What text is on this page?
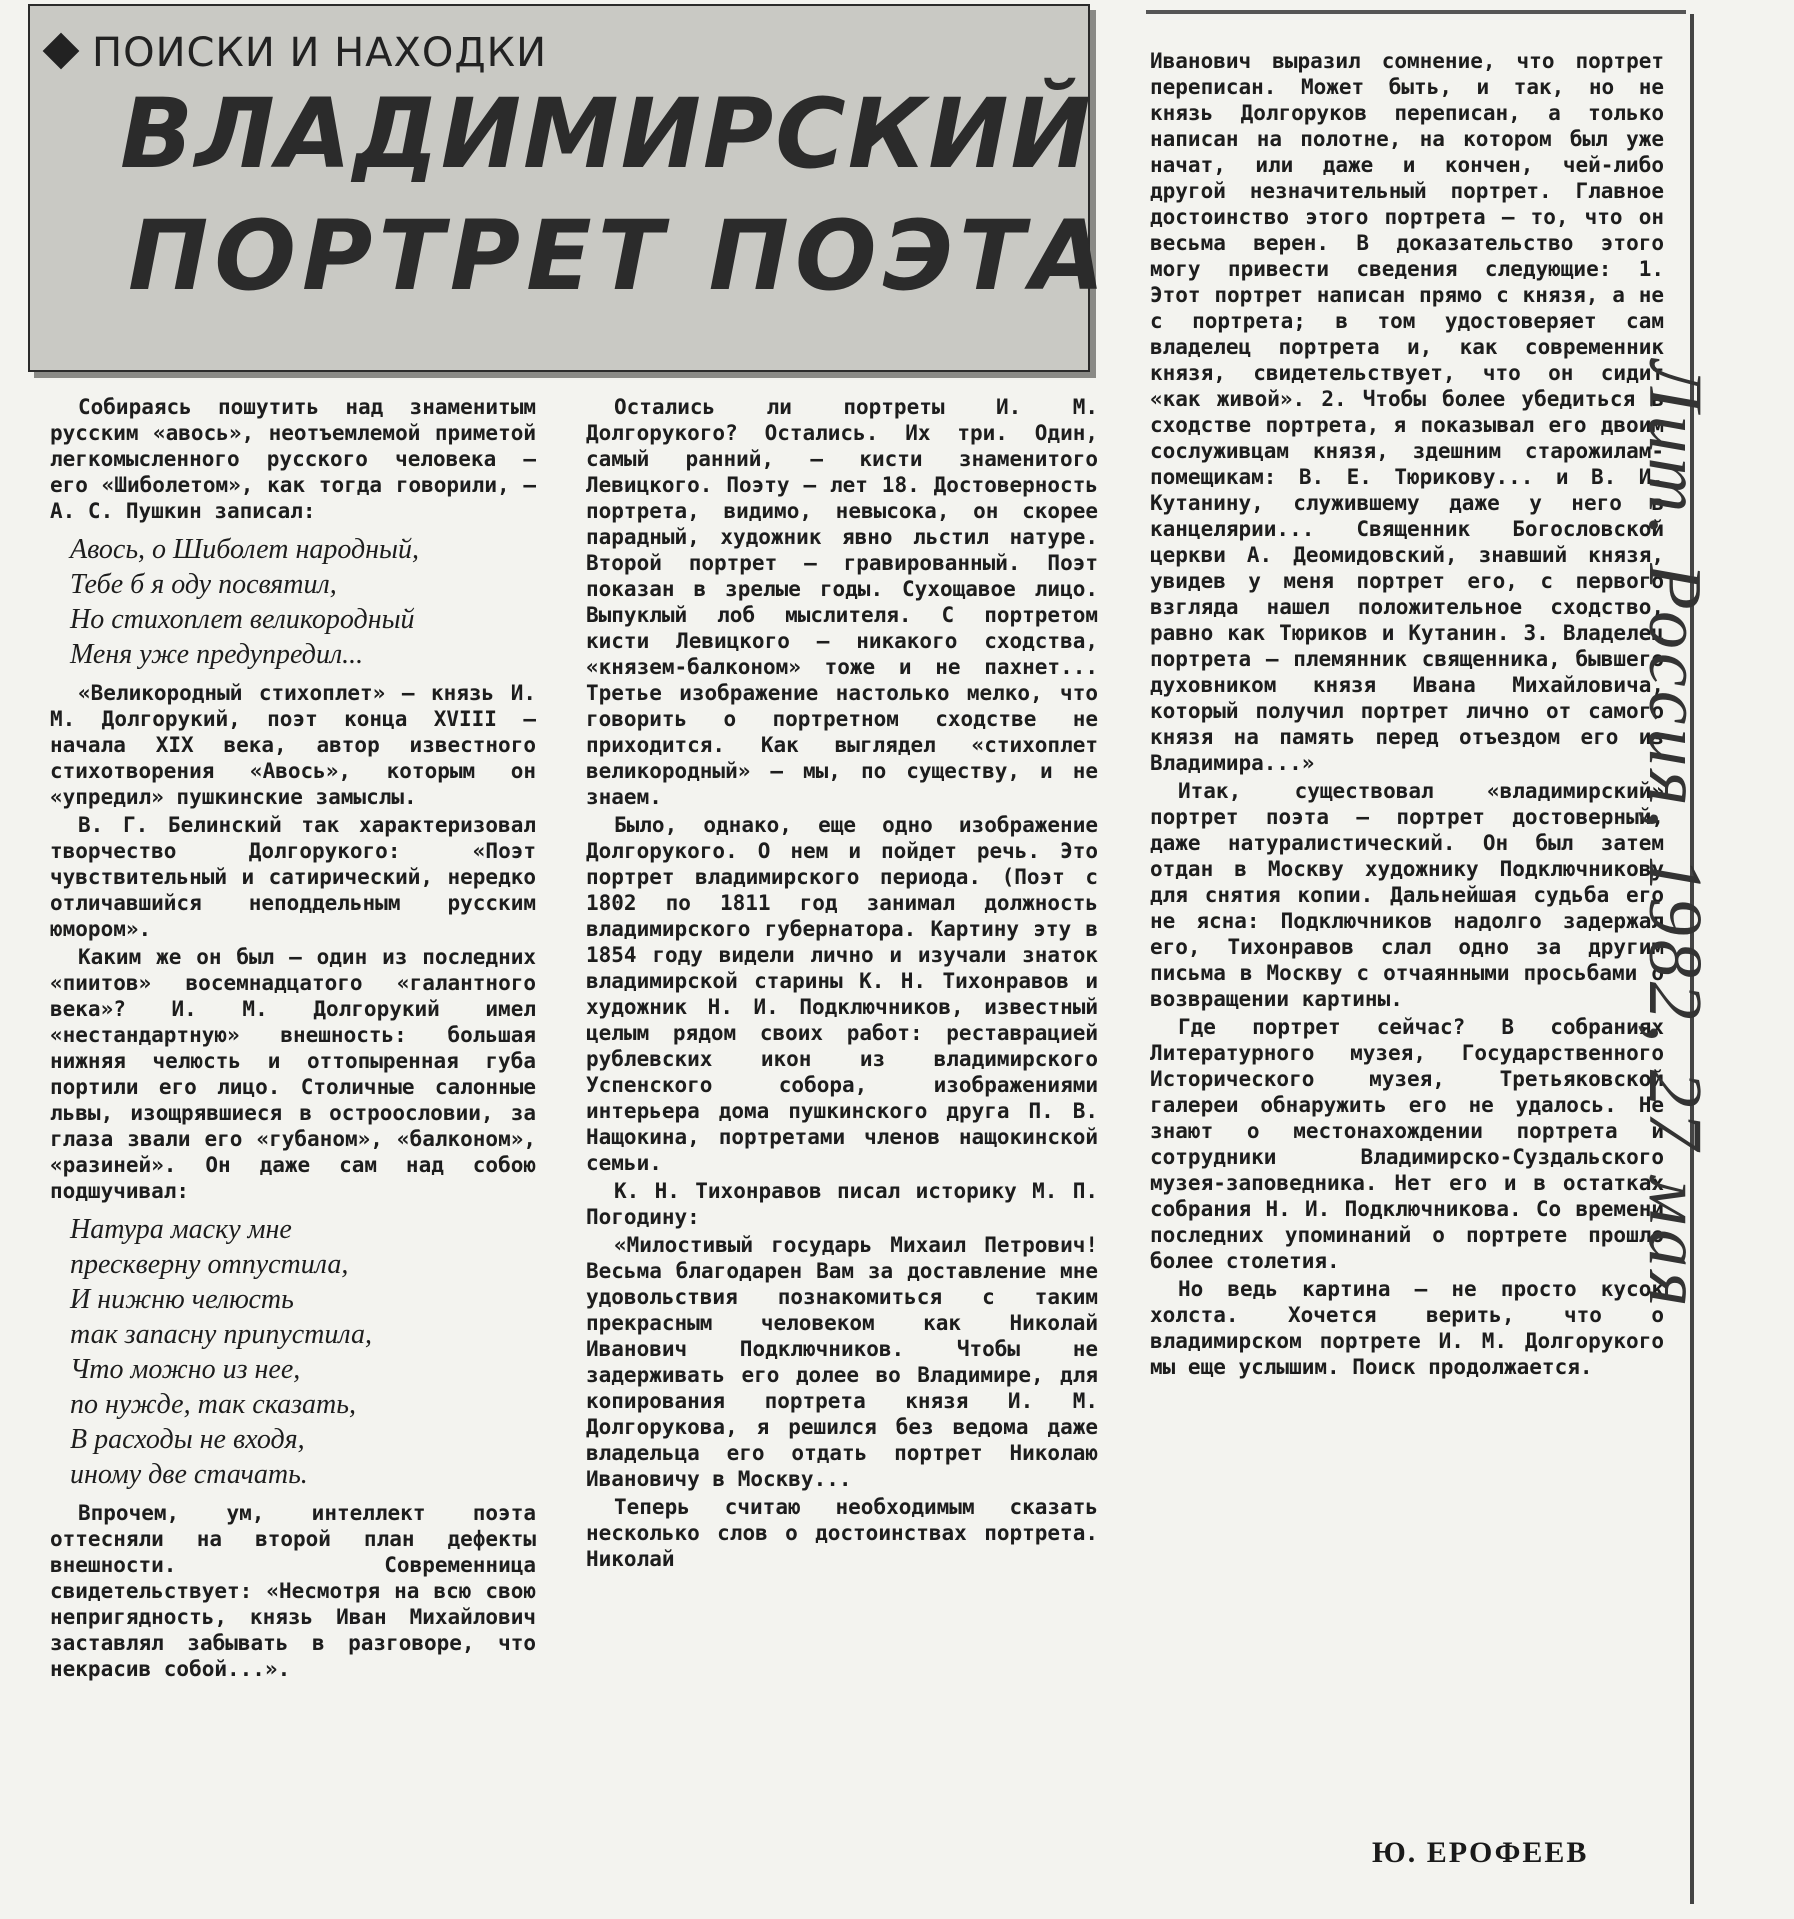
ПОИСКИ И НАХОДКИ
ВЛАДИМИРСКИЙ
ПОРТРЕТ ПОЭТА

Собираясь пошутить над знаменитым русским «авось», неотъемлемой приметой легкомысленного русского человека — его «Шиболетом», как тогда говорили, — А. С. Пушкин записал:

Авось, о Шиболет народный,
Тебе б я оду посвятил,
Но стихоплет великородный
Меня уже предупредил...

«Великородный стихоплет» — князь И. М. Долгорукий, поэт конца XVIII — начала XIX века, автор известного стихотворения «Авось», которым он «упредил» пушкинские замыслы.

В. Г. Белинский так характеризовал творчество Долгорукого: «Поэт чувствительный и сатирический, нередко отличавшийся неподдельным русским юмором».

Каким же он был — один из последних «пиитов» восемнадцатого «галантного века»? И. М. Долгорукий имел «нестандартную» внешность: большая нижняя челюсть и оттопыренная губа портили его лицо. Столичные салонные львы, изощрявшиеся в остроословии, за глаза звали его «губаном», «балконом», «разиней». Он даже сам над собою подшучивал:

Натура маску мне
прескверну отпустила,
И нижню челюсть
так запасну припустила,
Что можно из нее,
по нужде, так сказать,
В расходы не входя,
иному две стачать.

Впрочем, ум, интеллект поэта оттесняли на второй план дефекты внешности. Современница свидетельствует: «Несмотря на всю свою непригядность, князь Иван Михайлович заставлял забывать в разговоре, что некрасив собой...».

Остались ли портреты И. М. Долгорукого? Остались. Их три. Один, самый ранний, — кисти знаменитого Левицкого. Поэту — лет 18. Достоверность портрета, видимо, невысока, он скорее парадный, художник явно льстил натуре. Второй портрет — гравированный. Поэт показан в зрелые годы. Сухощавое лицо. Выпуклый лоб мыслителя. С портретом кисти Левицкого — никакого сходства, «князем-балконом» тоже и не пахнет... Третье изображение настолько мелко, что говорить о портретном сходстве не приходится. Как выглядел «стихоплет великородный» — мы, по существу, и не знаем.

Было, однако, еще одно изображение Долгорукого. О нем и пойдет речь. Это портрет владимирского периода. (Поэт с 1802 по 1811 год занимал должность владимирского губернатора. Картину эту в 1854 году видели лично и изучали знаток владимирской старины К. Н. Тихонравов и художник Н. И. Подключников, известный целым рядом своих работ: реставрацией рублевских икон из владимирского Успенского собора, изображениями интерьера дома пушкинского друга П. В. Нащокина, портретами членов нащокинской семьи.

К. Н. Тихонравов писал историку М. П. Погодину:

«Милостивый государь Михаил Петрович! Весьма благодарен Вам за доставление мне удовольствия познакомиться с таким прекрасным человеком как Николай Иванович Подключников. Чтобы не задерживать его долее во Владимире, для копирования портрета князя И. М. Долгорукова, я решился без ведома даже владельца его отдать портрет Николаю Ивановичу в Москву...

Теперь считаю необходимым сказать несколько слов о достоинствах портрета. Николай

Иванович выразил сомнение, что портрет переписан. Может быть, и так, но не князь Долгоруков переписан, а только написан на полотне, на котором был уже начат, или даже и кончен, чей-либо другой незначительный портрет. Главное достоинство этого портрета — то, что он весьма верен. В доказательство этого могу привести сведения следующие: 1. Этот портрет написан прямо с князя, а не с портрета; в том удостоверяет сам владелец портрета и, как современник князя, свидетельствует, что он сидит «как живой». 2. Чтобы более убедиться в сходстве портрета, я показывал его двоим сослуживцам князя, здешним старожилам-помещикам: В. Е. Тюрикову... и В. И. Кутанину, служившему даже у него в канцелярии... Священник Богословской церкви А. Деомидовский, знавший князя, увидев у меня портрет его, с первого взгляда нашел положительное сходство, равно как Тюриков и Кутанин. 3. Владелец портрета — племянник священника, бывшего духовником князя Ивана Михайловича, который получил портрет лично от самого князя на память перед отъездом его из Владимира...»

Итак, существовал «владимирский» портрет поэта — портрет достоверный, даже натуралистический. Он был затем отдан в Москву художнику Подключникову для снятия копии. Дальнейшая судьба его не ясна: Подключников надолго задержал его, Тихонравов слал одно за другим письма в Москву с отчаянными просьбами о возвращении картины.

Где портрет сейчас? В собраниях Литературного музея, Государственного Исторического музея, Третьяковской галереи обнаружить его не удалось. Не знают о местонахождении портрета и сотрудники Владимирско-Суздальского музея-заповедника. Нет его и в остатках собрания Н. И. Подключникова. Со времени последних упоминаний о портрете прошло более столетия.

Но ведь картина — не просто кусок холста. Хочется верить, что о владимирском портрете И. М. Долгорукого мы еще услышим. Поиск продолжается.

Ю. ЕРОФЕЕВ
Лит. Россия, 1982, 27 мая
